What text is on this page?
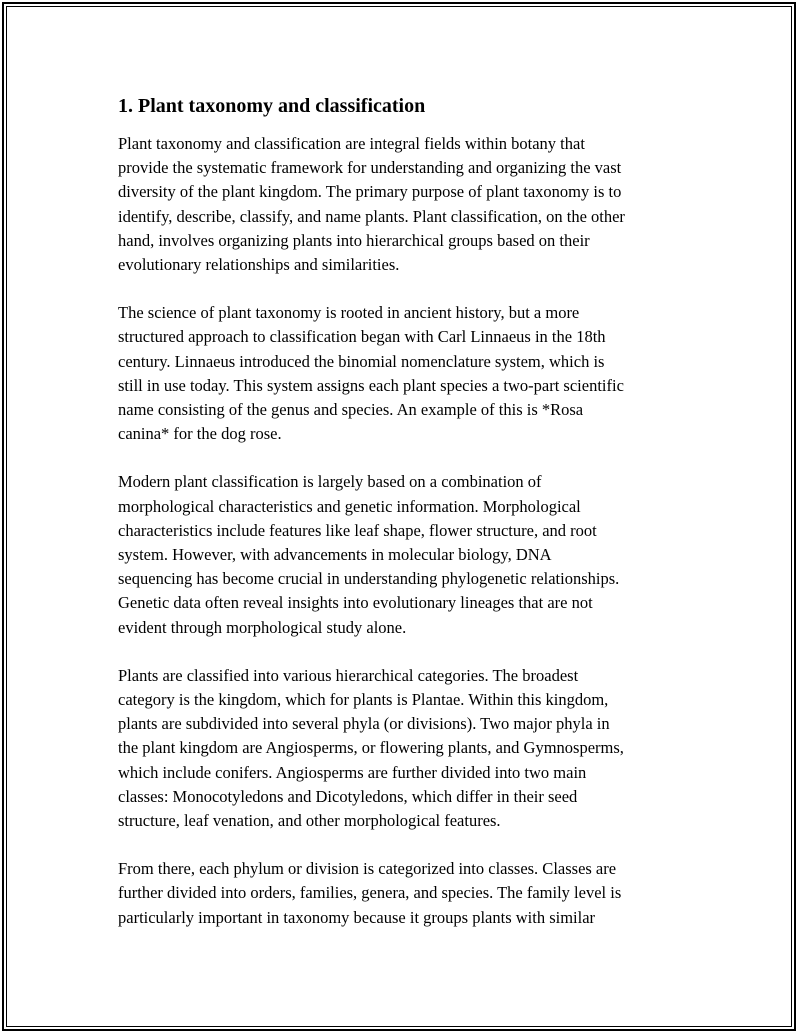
1. Plant taxonomy and classification
Plant taxonomy and classification are integral fields within botany that
provide the systematic framework for understanding and organizing the vast
diversity of the plant kingdom. The primary purpose of plant taxonomy is to
identify, describe, classify, and name plants. Plant classification, on the other
hand, involves organizing plants into hierarchical groups based on their
evolutionary relationships and similarities.
The science of plant taxonomy is rooted in ancient history, but a more
structured approach to classification began with Carl Linnaeus in the 18th
century. Linnaeus introduced the binomial nomenclature system, which is
still in use today. This system assigns each plant species a two-part scientific
name consisting of the genus and species. An example of this is *Rosa
canina* for the dog rose.
Modern plant classification is largely based on a combination of
morphological characteristics and genetic information. Morphological
characteristics include features like leaf shape, flower structure, and root
system. However, with advancements in molecular biology, DNA
sequencing has become crucial in understanding phylogenetic relationships.
Genetic data often reveal insights into evolutionary lineages that are not
evident through morphological study alone.
Plants are classified into various hierarchical categories. The broadest
category is the kingdom, which for plants is Plantae. Within this kingdom,
plants are subdivided into several phyla (or divisions). Two major phyla in
the plant kingdom are Angiosperms, or flowering plants, and Gymnosperms,
which include conifers. Angiosperms are further divided into two main
classes: Monocotyledons and Dicotyledons, which differ in their seed
structure, leaf venation, and other morphological features.
From there, each phylum or division is categorized into classes. Classes are
further divided into orders, families, genera, and species. The family level is
particularly important in taxonomy because it groups plants with similar
